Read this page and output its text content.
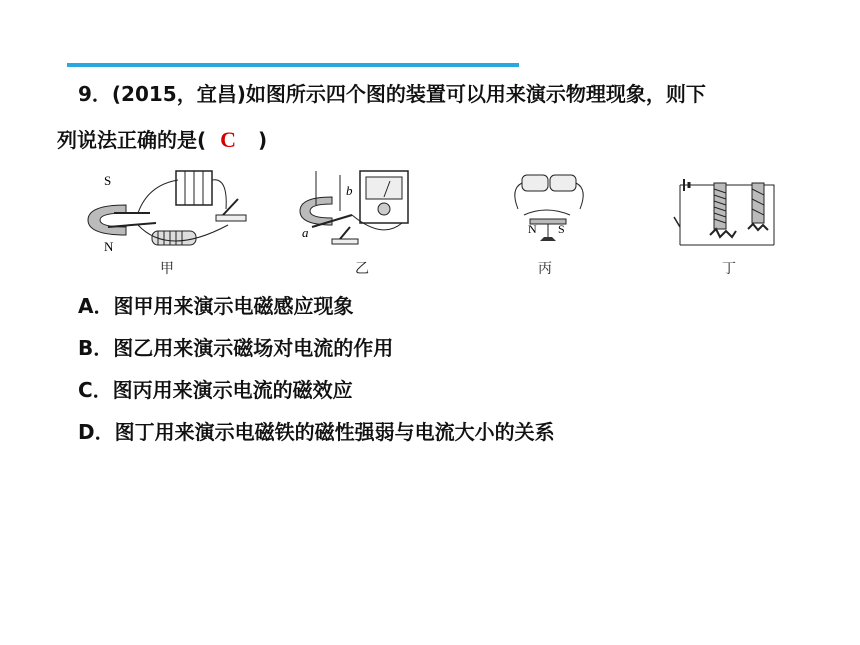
9．(2015，宜昌)如图所示四个图的装置可以用来演示物理现象，则下
列说法正确的是( C )
S
N
甲
a
b
乙
N S
丙	丁
A．图甲用来演示电磁感应现象
B．图乙用来演示磁场对电流的作用
C．图丙用来演示电流的磁效应
D．图丁用来演示电磁铁的磁性强弱与电流大小的关系
